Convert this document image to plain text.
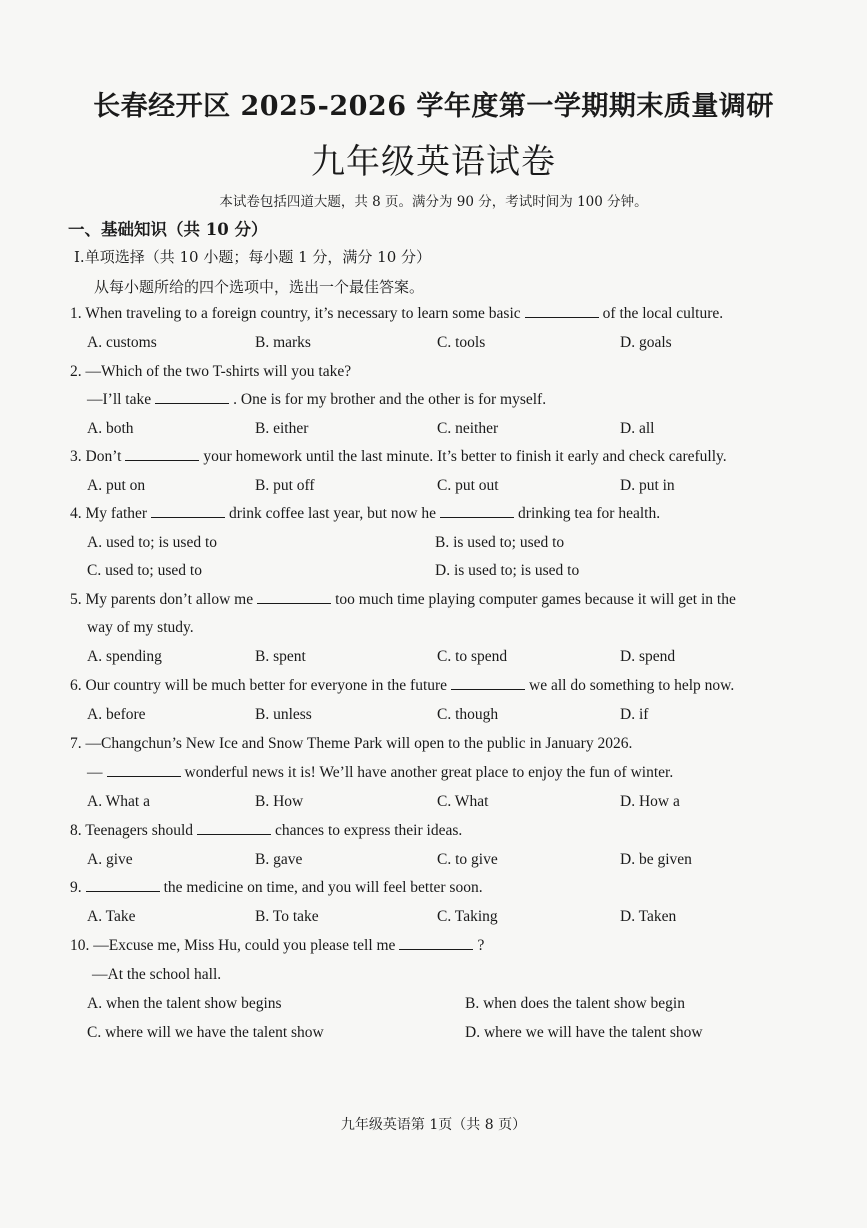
长春经开区 2025-2026 学年度第一学期期末质量调研
九年级英语试卷
本试卷包括四道大题，共 8 页。满分为 90 分，考试时间为 100 分钟。
一、基础知识（共 10 分）
Ⅰ.单项选择（共 10 小题；每小题 1 分，满分 10 分）
从每小题所给的四个选项中，选出一个最佳答案。
1. When traveling to a foreign country, it’s necessary to learn some basic	of the local culture.
A. customs	B. marks	C. tools	D. goals
2. —Which of the two T-shirts will you take?
—I’ll take	. One is for my brother and the other is for myself.
A. both	B. either	C. neither	D. all
3. Don’t	your homework until the last minute. It’s better to finish it early and check carefully.
A. put on	B. put off	C. put out	D. put in
4. My father	drink coffee last year, but now he	drinking tea for health.
A. used to; is used to	B. is used to; used to
C. used to; used to	D. is used to; is used to
5. My parents don’t allow me	too much time playing computer games because it will get in the
way of my study.
A. spending	B. spent	C. to spend	D. spend
6. Our country will be much better for everyone in the future	we all do something to help now.
A. before	B. unless	C. though	D. if
7. —Changchun’s New Ice and Snow Theme Park will open to the public in January 2026.
—	wonderful news it is! We’ll have another great place to enjoy the fun of winter.
A. What a	B. How	C. What	D. How a
8. Teenagers should	chances to express their ideas.
A. give	B. gave	C. to give	D. be given
9.	the medicine on time, and you will feel better soon.
A. Take	B. To take	C. Taking	D. Taken
10. —Excuse me, Miss Hu, could you please tell me	?
—At the school hall.
A. when the talent show begins	B. when does the talent show begin
C. where will we have the talent show	D. where we will have the talent show
九年级英语第 1页（共 8 页）
